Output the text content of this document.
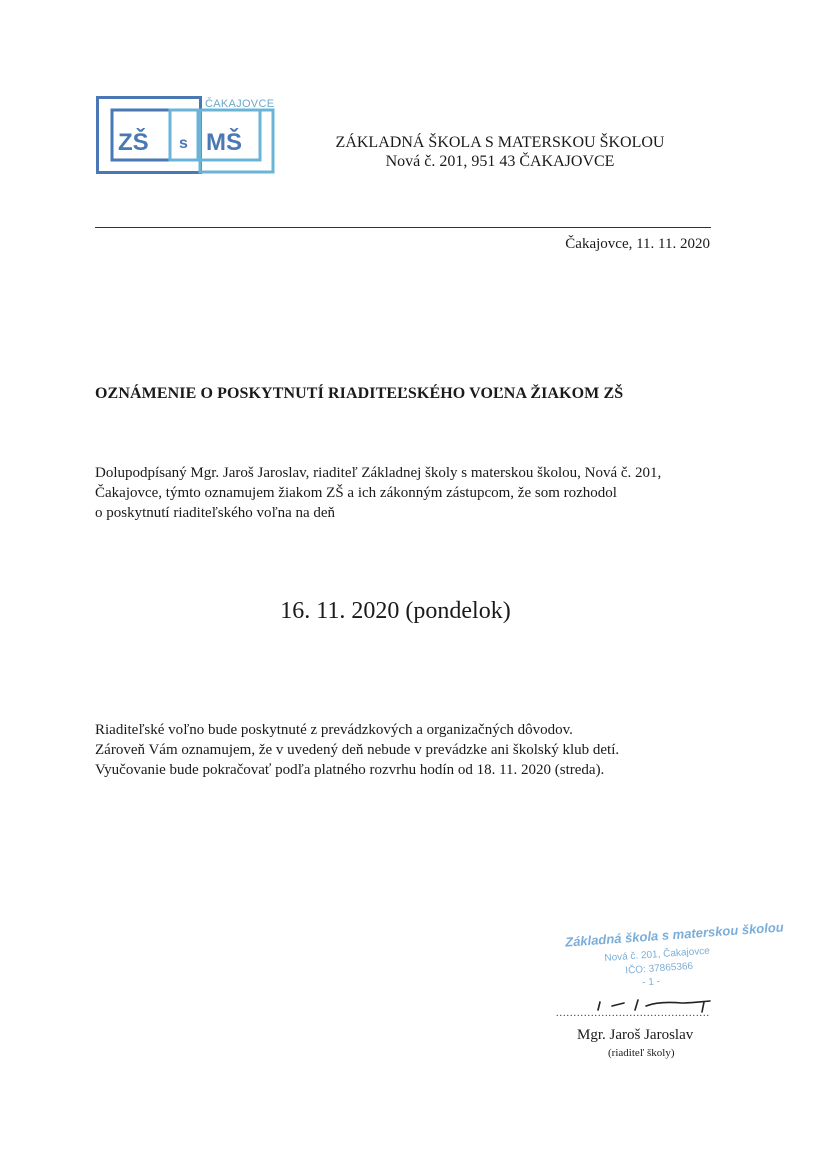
ZŠ s MŠ
ČAKAJOVCE
ZÁKLADNÁ ŠKOLA S MATERSKOU ŠKOLOU
Nová č. 201, 951 43 ČAKAJOVCE
Čakajovce, 11. 11. 2020
OZNÁMENIE O POSKYTNUTÍ RIADITEĽSKÉHO VOĽNA ŽIAKOM ZŠ
Dolupodpísaný Mgr. Jaroš Jaroslav, riaditeľ Základnej školy s materskou školou, Nová č. 201,
Čakajovce, týmto oznamujem žiakom ZŠ a ich zákonným zástupcom, že som rozhodol
o poskytnutí riaditeľského voľna na deň
16. 11. 2020 (pondelok)
Riaditeľské voľno bude poskytnuté z prevádzkových a organizačných dôvodov.
Zároveň Vám oznamujem, že v uvedený deň nebude v prevádzke ani školský klub detí.
Vyučovanie bude pokračovať podľa platného rozvrhu hodín od 18. 11. 2020 (streda).
Základná škola s materskou školou
Nová č. 201, Čakajovce
IČO: 37865366
- 1 -
............................................
Mgr. Jaroš Jaroslav
(riaditeľ školy)
